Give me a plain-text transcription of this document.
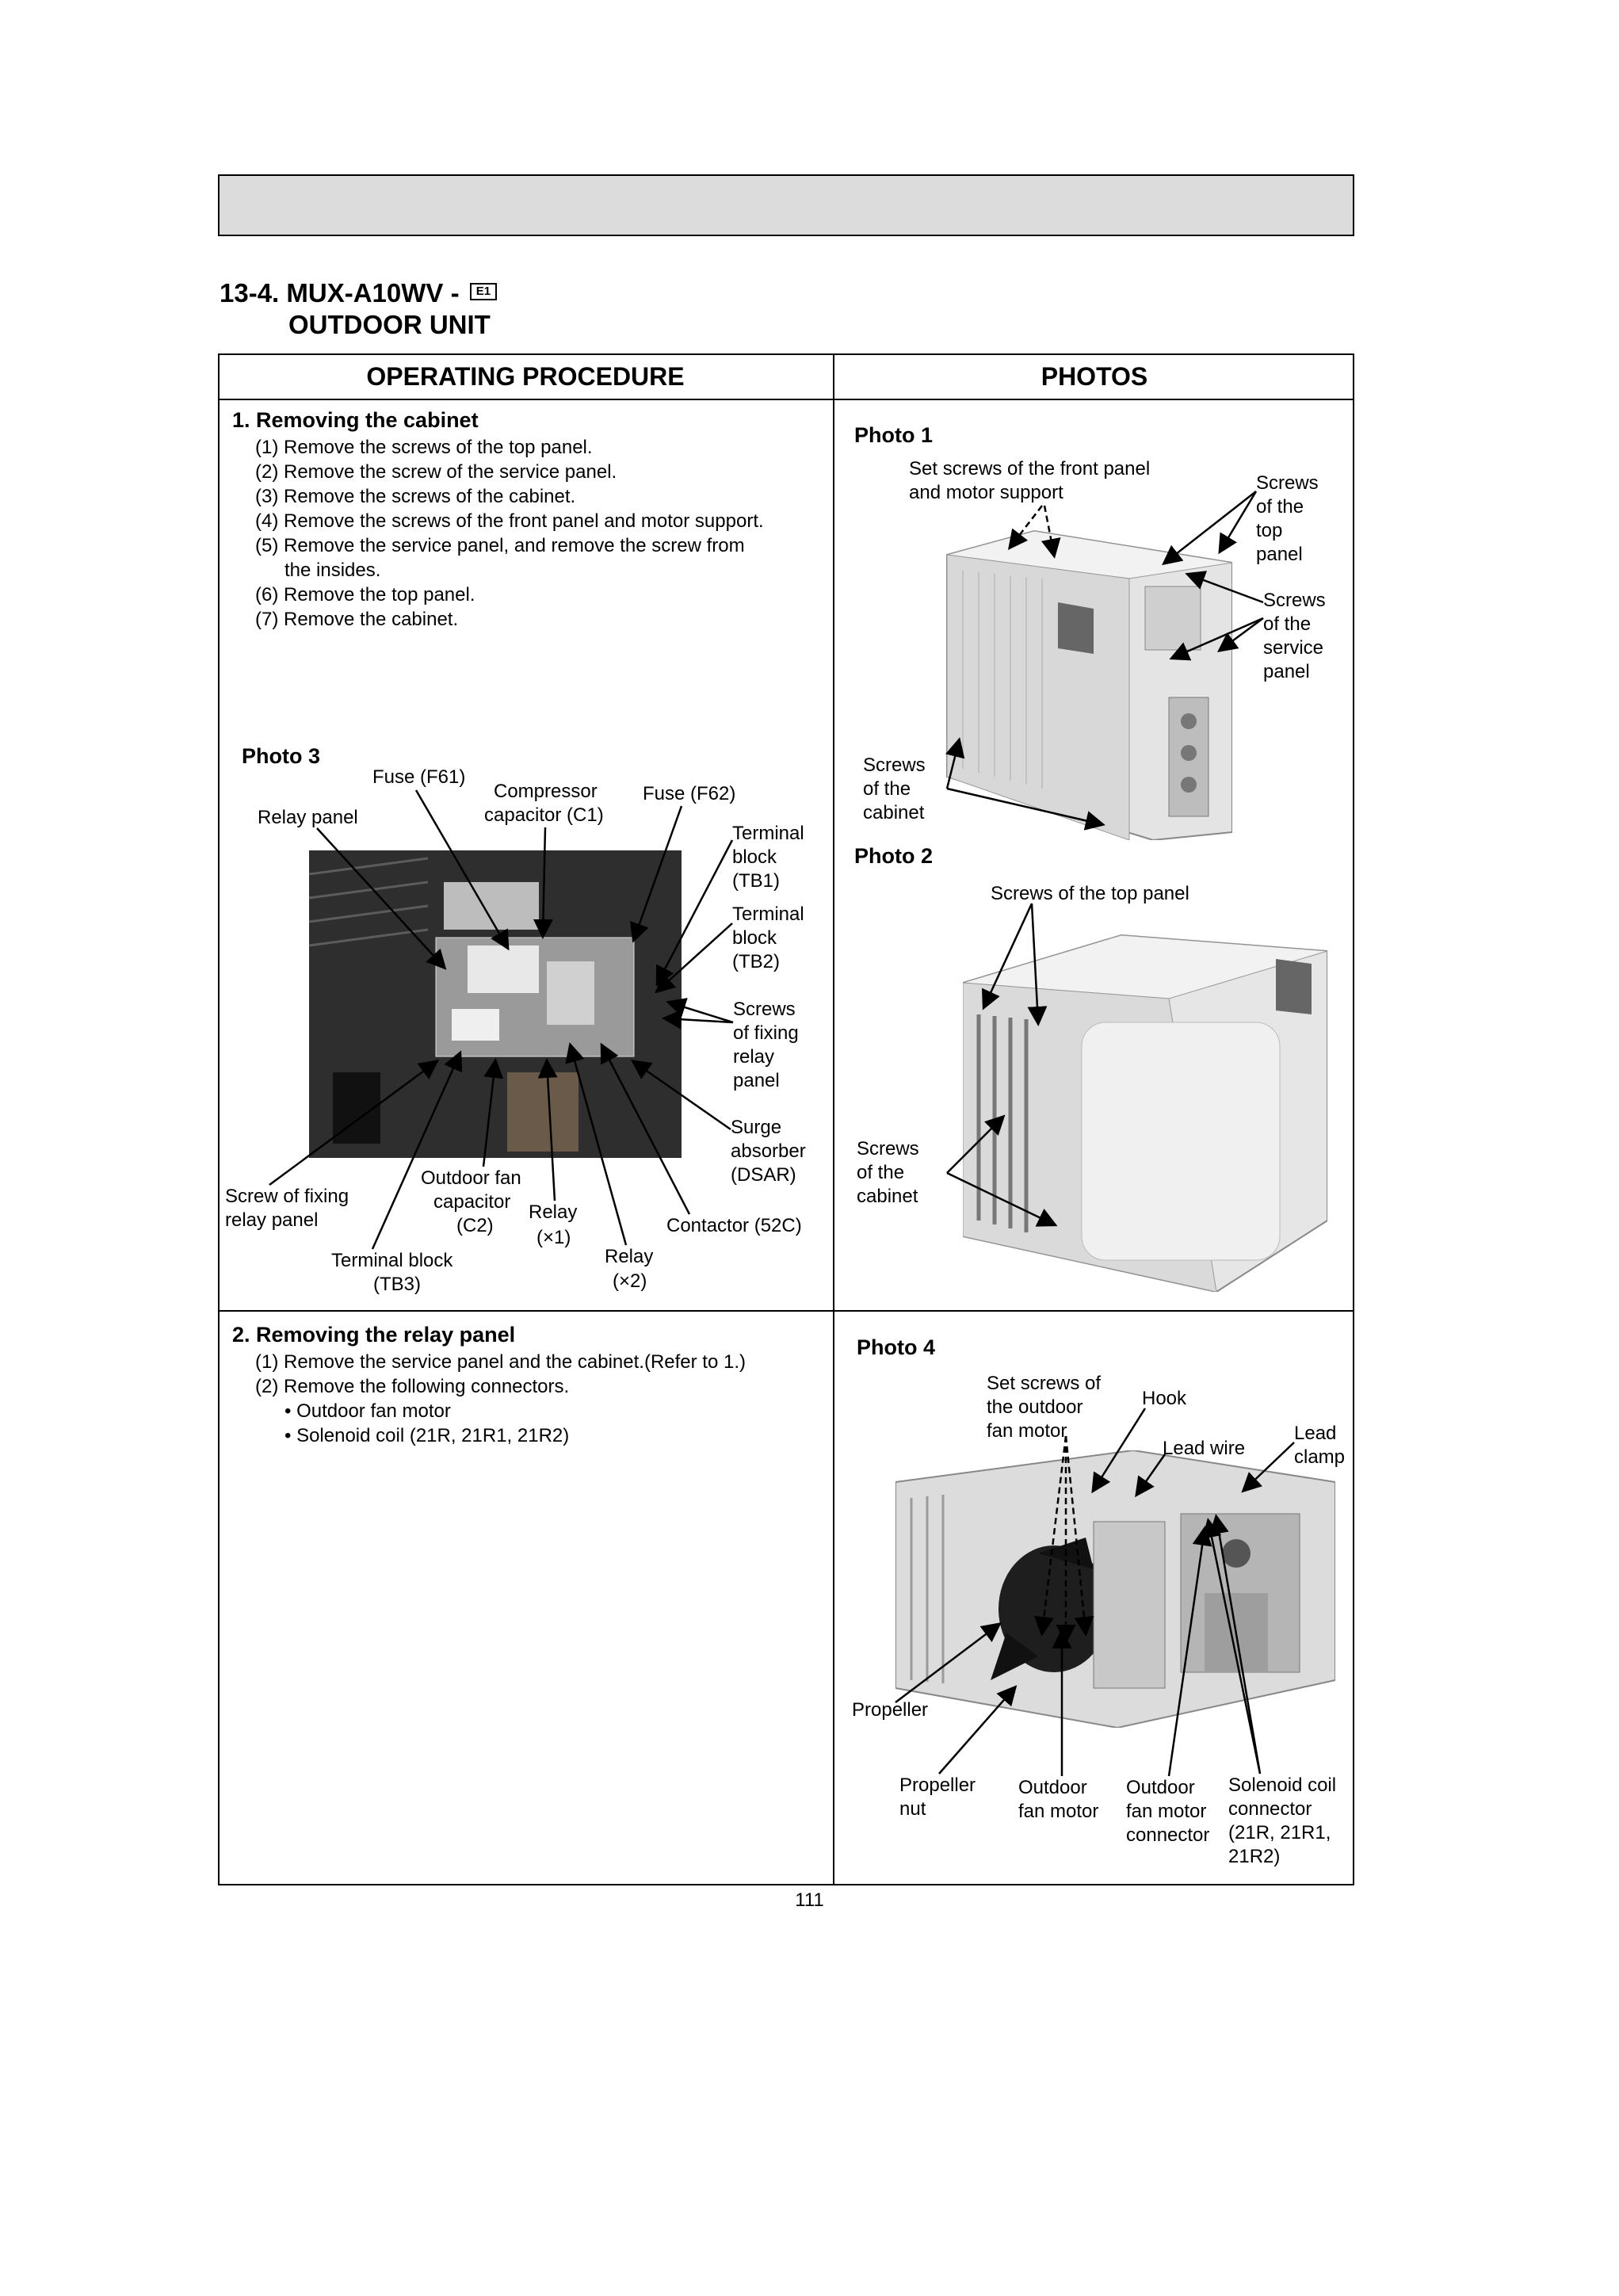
13-4. MUX-A10WV - E1
OUTDOOR UNIT
OPERATING PROCEDURE	PHOTOS
1. Removing the cabinet
(1) Remove the screws of the top panel.
(2) Remove the screw of the service panel.
(3) Remove the screws of the cabinet.
(4) Remove the screws of the front panel and motor support.
(5) Remove the service panel, and remove the screw from
the insides.
(6) Remove the top panel.
(7) Remove the cabinet.
2. Removing the relay panel
(1) Remove the service panel and the cabinet.(Refer to 1.)
(2) Remove the following connectors.
• Outdoor fan motor
• Solenoid coil (21R, 21R1, 21R2)
Photo 1
Set screws of the front panel
and motor support	Screws
of the
top
panel
Screws
of the
service
panel
Screws
of the
cabinet
Photo 2
Screws of the top panel
Screws
of the
cabinet
Photo 3
Fuse (F61)
Compressor
capacitor (C1)
Fuse (F62)
Relay panel
Terminal
block
(TB1)
Terminal
block
(TB2)
Screws
of fixing
relay
panel
Surge
absorber
(DSAR)
Screw of fixing
relay panel
Outdoor fan
capacitor
(C2)
Relay
(×1)
Contactor (52C)
Terminal block
(TB3)
Relay
(×2)
Photo 4
Set screws of
the outdoor
fan motor
Hook
Lead wire
Lead
clamp
Propeller
Propeller
nut
Outdoor
fan motor
Outdoor
fan motor
connector
Solenoid coil
connector
(21R, 21R1,
21R2)
111
